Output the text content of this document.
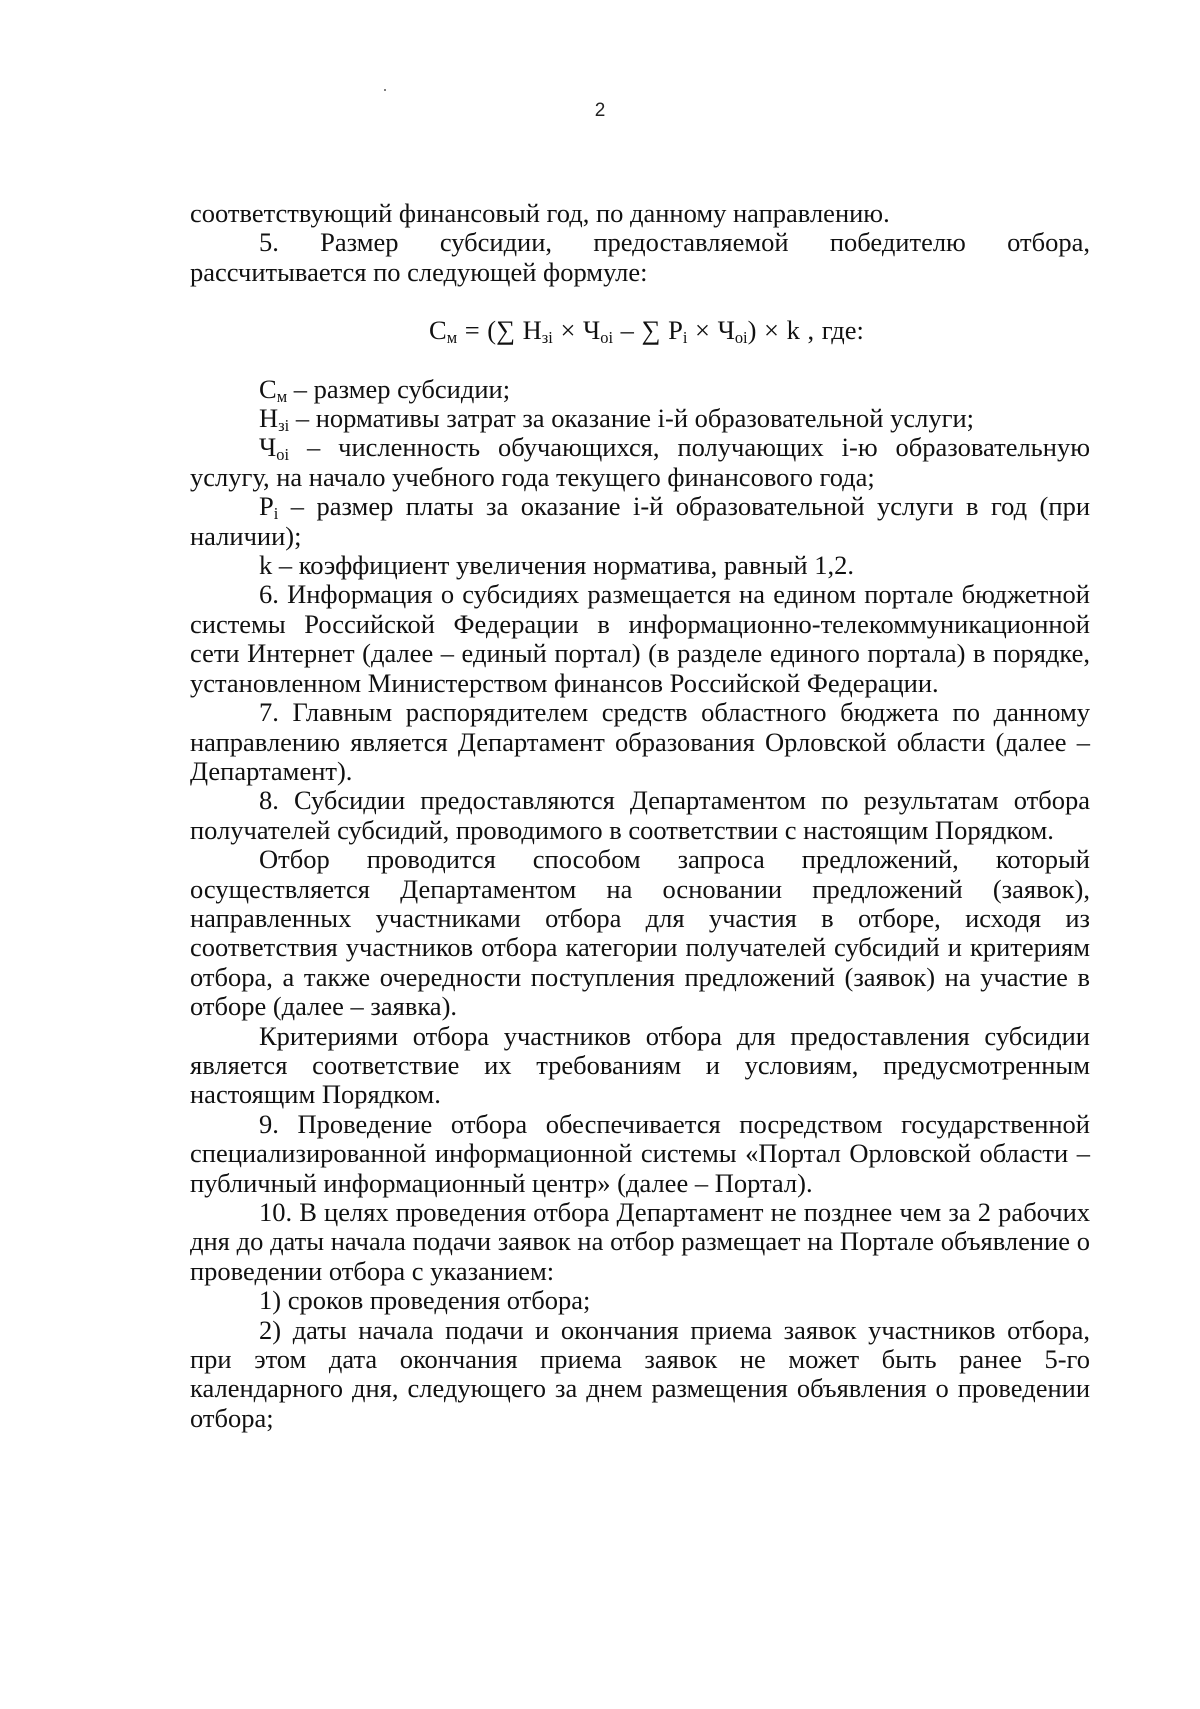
2

соответствующий финансовый год, по данному направлению.

5. Размер субсидии, предоставляемой победителю отбора, рассчитывается по следующей формуле:

$С_м$ = (∑ $Н_{зi} \times Ч_{оi}$ – ∑ $Р_i \times Ч_{оi}) \times k$ , где:

$С_м$ – размер субсидии;

$Н_{зi}$ – нормативы затрат за оказание i-й образовательной услуги;

$Ч_{оi}$ – численность обучающихся, получающих i-ю образовательную услугу, на начало учебного года текущего финансового года;

$Р_i$ – размер платы за оказание i-й образовательной услуги в год (при наличии);

k – коэффициент увеличения норматива, равный 1,2.

6. Информация о субсидиях размещается на едином портале бюджетной системы Российской Федерации в информационно-телекоммуникационной сети Интернет (далее – единый портал) (в разделе единого портала) в порядке, установленном Министерством финансов Российской Федерации.

7. Главным распорядителем средств областного бюджета по данному направлению является Департамент образования Орловской области (далее – Департамент).

8. Субсидии предоставляются Департаментом по результатам отбора получателей субсидий, проводимого в соответствии с настоящим Порядком.

Отбор проводится способом запроса предложений, который осуществляется Департаментом на основании предложений (заявок), направленных участниками отбора для участия в отборе, исходя из соответствия участников отбора категории получателей субсидий и критериям отбора, а также очередности поступления предложений (заявок) на участие в отборе (далее – заявка).

Критериями отбора участников отбора для предоставления субсидии является соответствие их требованиям и условиям, предусмотренным настоящим Порядком.

9. Проведение отбора обеспечивается посредством государственной специализированной информационной системы «Портал Орловской области – публичный информационный центр» (далее – Портал).

10. В целях проведения отбора Департамент не позднее чем за 2 рабочих дня до даты начала подачи заявок на отбор размещает на Портале объявление о проведении отбора с указанием:

1) сроков проведения отбора;

2) даты начала подачи и окончания приема заявок участников отбора, при этом дата окончания приема заявок не может быть ранее 5-го календарного дня, следующего за днем размещения объявления о проведении отбора;
